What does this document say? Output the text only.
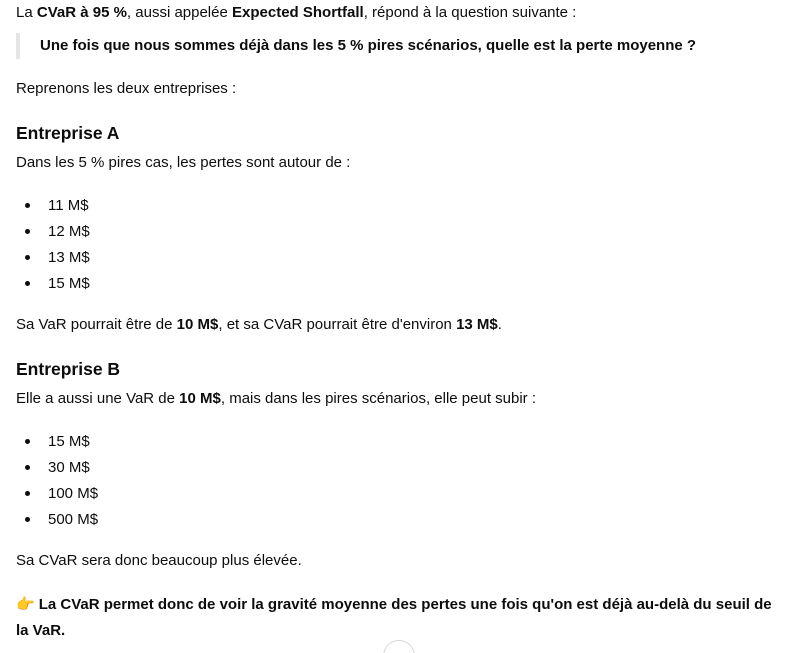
La CVaR à 95 %, aussi appelée Expected Shortfall, répond à la question suivante :

Une fois que nous sommes déjà dans les 5 % pires scénarios, quelle est la perte moyenne ?

Reprenons les deux entreprises :

Entreprise A

Dans les 5 % pires cas, les pertes sont autour de :

11 M$
12 M$
13 M$
15 M$

Sa VaR pourrait être de 10 M$, et sa CVaR pourrait être d'environ 13 M$.

Entreprise B

Elle a aussi une VaR de 10 M$, mais dans les pires scénarios, elle peut subir :

15 M$
30 M$
100 M$
500 M$

Sa CVaR sera donc beaucoup plus élevée.

👉 La CVaR permet donc de voir la gravité moyenne des pertes une fois qu'on est déjà au-delà du seuil de la VaR.
